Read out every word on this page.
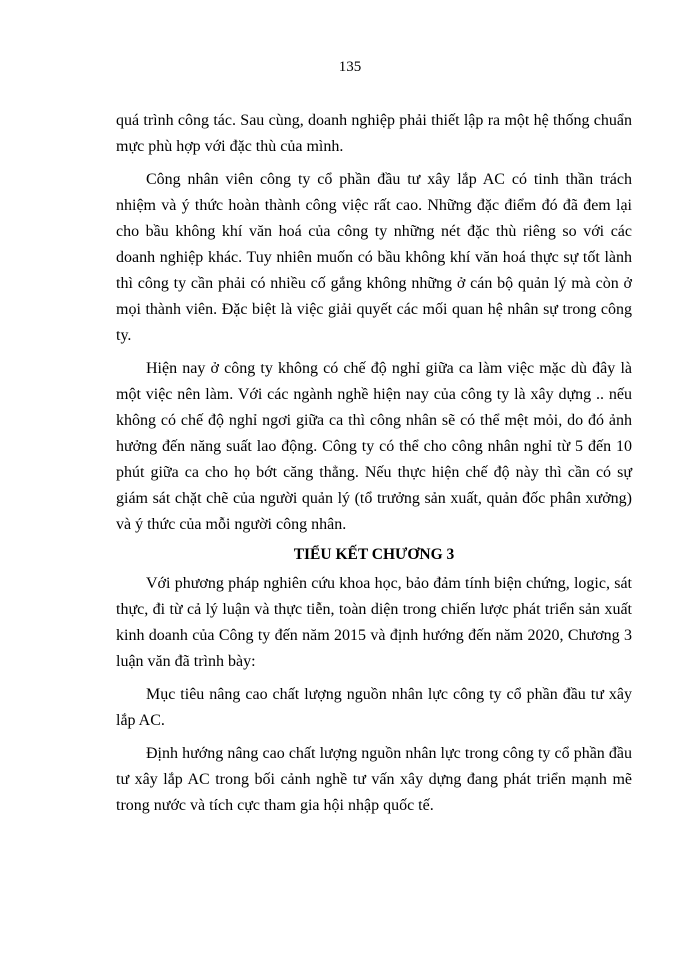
135

quá trình công tác. Sau cùng, doanh nghiệp phải thiết lập ra một hệ thống chuẩn mực phù hợp với đặc thù của mình.

Công nhân viên công ty cổ phần đầu tư xây lắp AC có tinh thần trách nhiệm và ý thức hoàn thành công việc rất cao. Những đặc điểm đó đã đem lại cho bầu không khí văn hoá của công ty những nét đặc thù riêng so với các doanh nghiệp khác. Tuy nhiên muốn có bầu không khí văn hoá thực sự tốt lành thì công ty cần phải có nhiều cố gắng không những ở cán bộ quản lý mà còn ở mọi thành viên. Đặc biệt là việc giải quyết các mối quan hệ nhân sự trong công ty.

Hiện nay ở công ty không có chế độ nghỉ giữa ca làm việc mặc dù đây là một việc nên làm. Với các ngành nghề hiện nay của công ty là xây dựng .. nếu không có chế độ nghỉ ngơi giữa ca thì công nhân sẽ có thể mệt mỏi, do đó ảnh hưởng đến năng suất lao động. Công ty có thể cho công nhân nghỉ từ 5 đến 10 phút giữa ca cho họ bớt căng thẳng. Nếu thực hiện chế độ này thì cần có sự giám sát chặt chẽ của người quản lý (tổ trưởng sản xuất, quản đốc phân xưởng) và ý thức của mỗi người công nhân.

TIỂU KẾT CHƯƠNG 3

Với phương pháp nghiên cứu khoa học, bảo đảm tính biện chứng, logic, sát thực, đi từ cả lý luận và thực tiễn, toàn diện trong chiến lược phát triển sản xuất kinh doanh của Công ty đến năm 2015 và định hướng đến năm 2020, Chương 3 luận văn đã trình bày:

Mục tiêu nâng cao chất lượng nguồn nhân lực công ty cổ phần đầu tư xây lắp AC.

Định hướng nâng cao chất lượng nguồn nhân lực trong công ty cổ phần đầu tư xây lắp AC trong bối cảnh nghề tư vấn xây dựng đang phát triển mạnh mẽ trong nước và tích cực tham gia hội nhập quốc tế.
